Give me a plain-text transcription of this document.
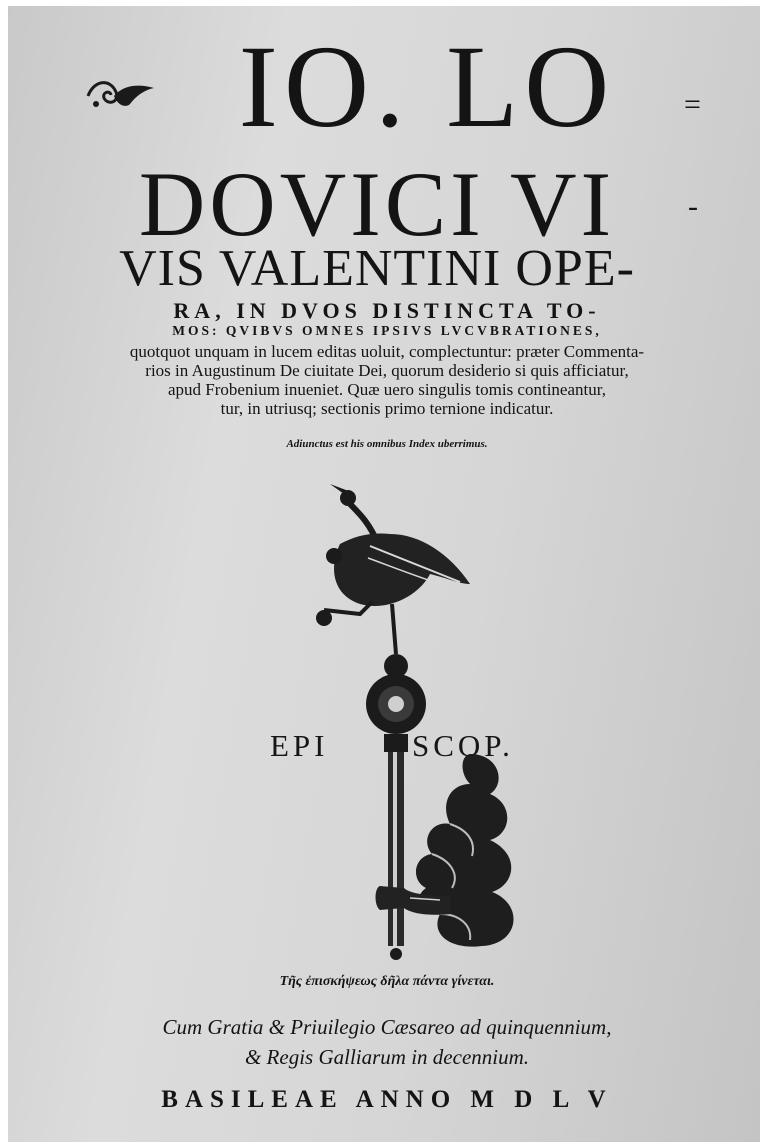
IO. LO	=
DOVICI VI	-
VIS VALENTINI OPE-
RA, IN DVOS DISTINCTA TO-
MOS: QVIBVS OMNES IPSIVS LVCVBRATIONES,
quotquot unquam in lucem editas uoluit, complectuntur: præter Commenta-
rios in Augustinum De ciuitate Dei, quorum desiderio si quis afficiatur,
apud Frobenium inueniet. Quæ uero singulis tomis contineantur,
tur, in utriusq; sectionis primo ternione indicatur.
Adiunctus est his omnibus Index uberrimus.
EPI	SCOP.
Τῆς ἐπισκήψεως δῆλα πάντα γίνεται.
Cum Gratia & Priuilegio Cæsareo ad quinquennium,
& Regis Galliarum in decennium.
BASILEAE ANNO M D L V
